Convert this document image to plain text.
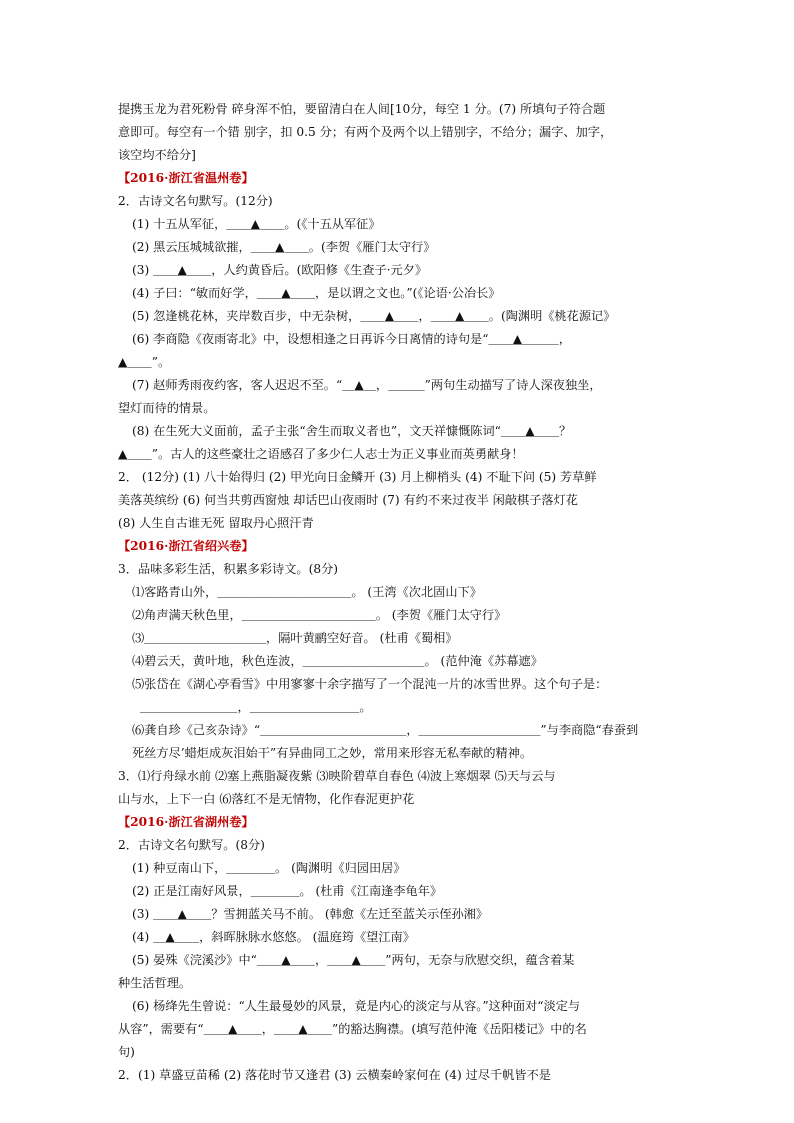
提携玉龙为君死粉骨 碎身浑不怕，要留清白在人间[10分，每空 1 分。(7) 所填句子符合题
意即可。每空有一个错 别字，扣 0.5 分；有两个及两个以上错别字，不给分；漏字、加字，
该空均不给分]
【2016·浙江省温州卷】
2．古诗文名句默写。(12分)
(1) 十五从军征，＿＿▲＿＿。(《十五从军征》
(2) 黑云压城城欲摧，＿＿▲＿＿。(李贺《雁门太守行》
(3) ＿＿▲＿＿，人约黄昏后。(欧阳修《生查子·元夕》
(4) 子曰：“敏而好学，＿＿▲＿＿，是以谓之文也。”(《论语·公冶长》
(5) 忽逢桃花林，夹岸数百步，中无杂树，＿＿▲＿＿，＿＿▲＿＿。(陶渊明《桃花源记》
(6) 李商隐《夜雨寄北》中，设想相逢之日再诉今日离情的诗句是“＿＿▲＿＿＿，
▲＿＿”。
(7) 赵师秀雨夜约客，客人迟迟不至。“＿▲＿，＿＿＿”两句生动描写了诗人深夜独坐，
望灯而待的情景。
(8) 在生死大义面前，孟子主张“舍生而取义者也”，文天祥慷慨陈词“＿＿▲＿＿？
▲＿＿”。古人的这些豪壮之语感召了多少仁人志士为正义事业而英勇献身！
2． (12分) (1) 八十始得归 (2) 甲光向日金鳞开 (3) 月上柳梢头 (4) 不耻下问 (5) 芳草鲜
美落英缤纷 (6) 何当共剪西窗烛 却话巴山夜雨时 (7) 有约不来过夜半 闲敲棋子落灯花
(8) 人生自古谁无死 留取丹心照汗青
【2016·浙江省绍兴卷】
3．品味多彩生活，积累多彩诗文。(8分)
⑴客路青山外，＿＿＿＿＿＿＿＿＿＿＿。 (王湾《次北固山下》
⑵角声满天秋色里，＿＿＿＿＿＿＿＿＿＿＿。 (李贺《雁门太守行》
⑶＿＿＿＿＿＿＿＿＿＿，隔叶黄鹂空好音。 (杜甫《蜀相》
⑷碧云天，黄叶地，秋色连波，＿＿＿＿＿＿＿＿＿＿。 (范仲淹《苏幕遮》
⑸张岱在《湖心亭看雪》中用寥寥十余字描写了一个混沌一片的冰雪世界。这个句子是：
＿＿＿＿＿＿＿＿，＿＿＿＿＿＿＿＿＿。
⑹龚自珍《己亥杂诗》“＿＿＿＿＿＿＿＿＿＿＿＿，＿＿＿＿＿＿＿＿＿＿”与李商隐“春蚕到
死丝方尽’蜡炬成灰泪始干”有异曲同工之妙，常用来形容无私奉献的精神。
3．⑴行舟绿水前 ⑵塞上燕脂凝夜紫 ⑶映阶碧草自春色 ⑷波上寒烟翠 ⑸天与云与
山与水，上下一白 ⑹落红不是无情物，化作春泥更护花
【2016·浙江省湖州卷】
2．古诗文名句默写。(8分)
(1) 种豆南山下，＿＿＿＿。 (陶渊明《归园田居》
(2) 正是江南好风景，＿＿＿＿。 (杜甫《江南逢李龟年》
(3) ＿＿▲＿＿？雪拥蓝关马不前。 (韩愈《左迁至蓝关示侄孙湘》
(4) ＿▲＿＿，斜晖脉脉水悠悠。 (温庭筠《望江南》
(5) 晏殊《浣溪沙》中“＿＿▲＿＿，＿＿▲＿＿”两句，无奈与欣慰交织，蕴含着某
种生活哲理。
(6) 杨绛先生曾说：“人生最曼妙的风景，竟是内心的淡定与从容。”这种面对“淡定与
从容”，需要有“＿＿▲＿＿，＿＿▲＿＿”的豁达胸襟。(填写范仲淹《岳阳楼记》中的名
句)
2．(1) 草盛豆苗稀 (2) 落花时节又逢君 (3) 云横秦岭家何在 (4) 过尽千帆皆不是
